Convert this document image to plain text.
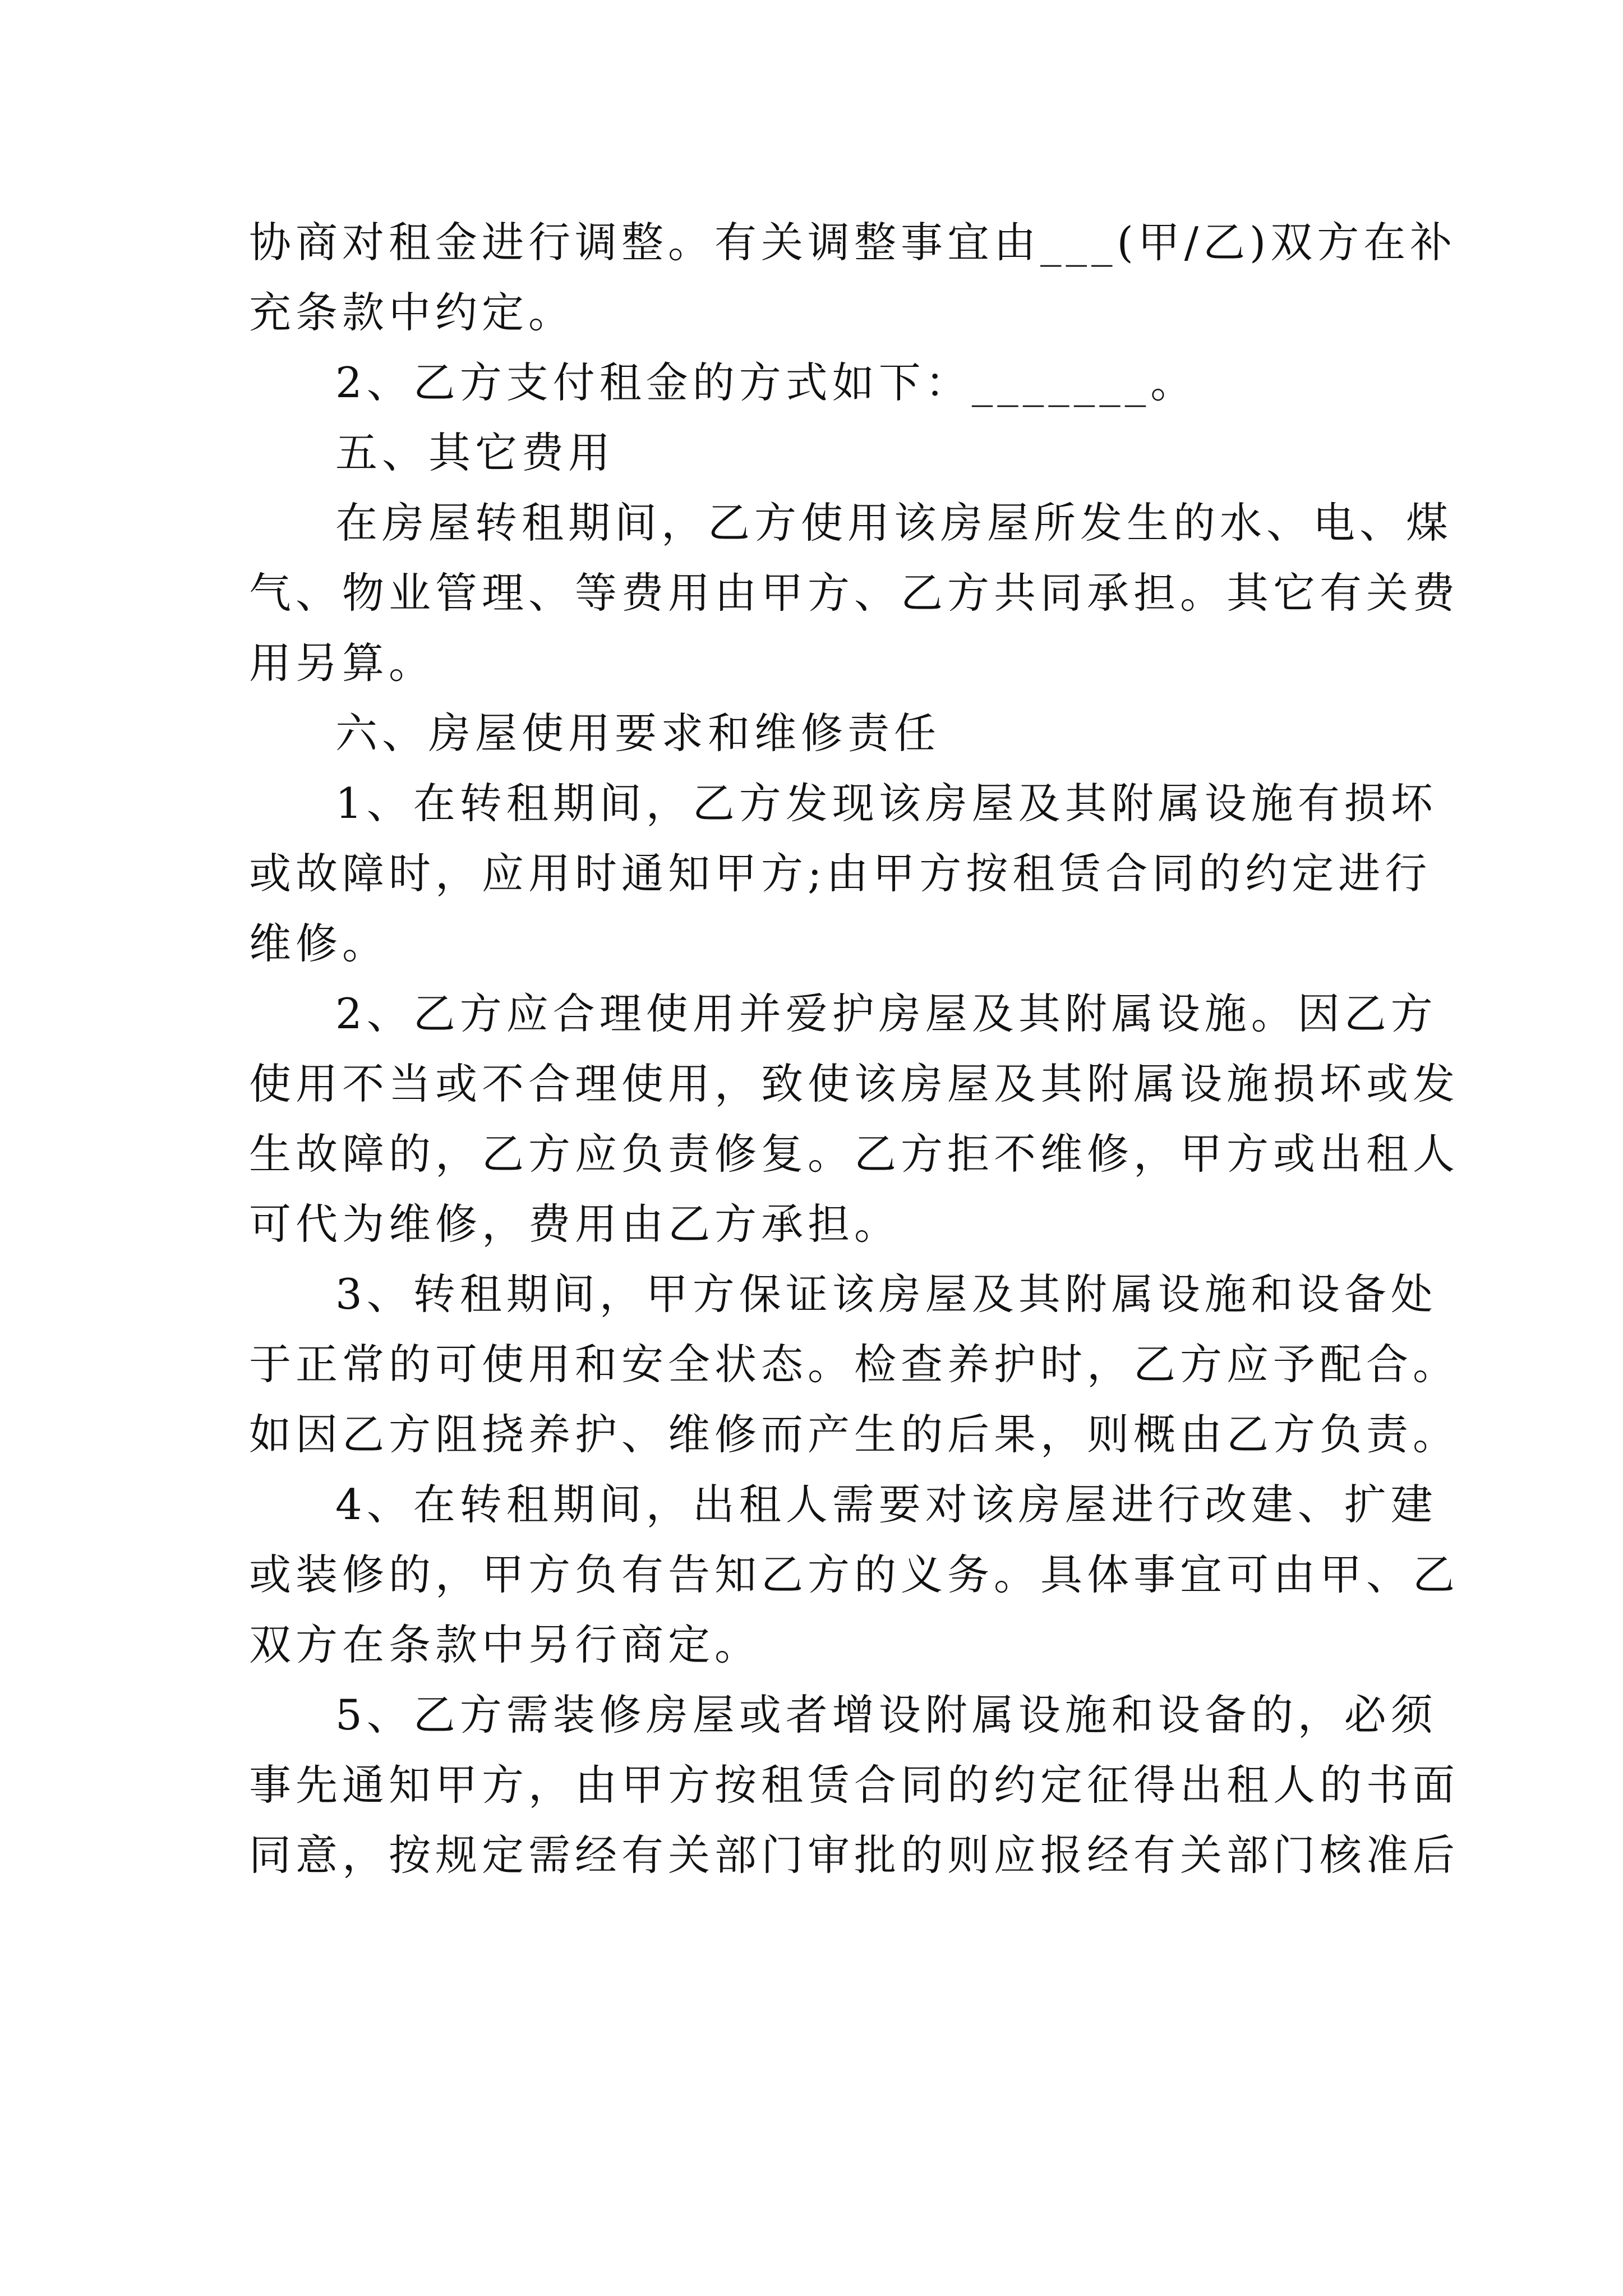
协商对租金进行调整。有关调整事宜由___(甲/乙)双方在补
充条款中约定。
2、乙方支付租金的方式如下：_______。
五、其它费用
在房屋转租期间，乙方使用该房屋所发生的水、电、煤
气、物业管理、等费用由甲方、乙方共同承担。其它有关费
用另算。
六、房屋使用要求和维修责任
1、在转租期间，乙方发现该房屋及其附属设施有损坏
或故障时，应用时通知甲方;由甲方按租赁合同的约定进行
维修。
2、乙方应合理使用并爱护房屋及其附属设施。因乙方
使用不当或不合理使用，致使该房屋及其附属设施损坏或发
生故障的，乙方应负责修复。乙方拒不维修，甲方或出租人
可代为维修，费用由乙方承担。
3、转租期间，甲方保证该房屋及其附属设施和设备处
于正常的可使用和安全状态。检查养护时，乙方应予配合。
如因乙方阻挠养护、维修而产生的后果，则概由乙方负责。
4、在转租期间，出租人需要对该房屋进行改建、扩建
或装修的，甲方负有告知乙方的义务。具体事宜可由甲、乙
双方在条款中另行商定。
5、乙方需装修房屋或者增设附属设施和设备的，必须
事先通知甲方，由甲方按租赁合同的约定征得出租人的书面
同意，按规定需经有关部门审批的则应报经有关部门核准后
